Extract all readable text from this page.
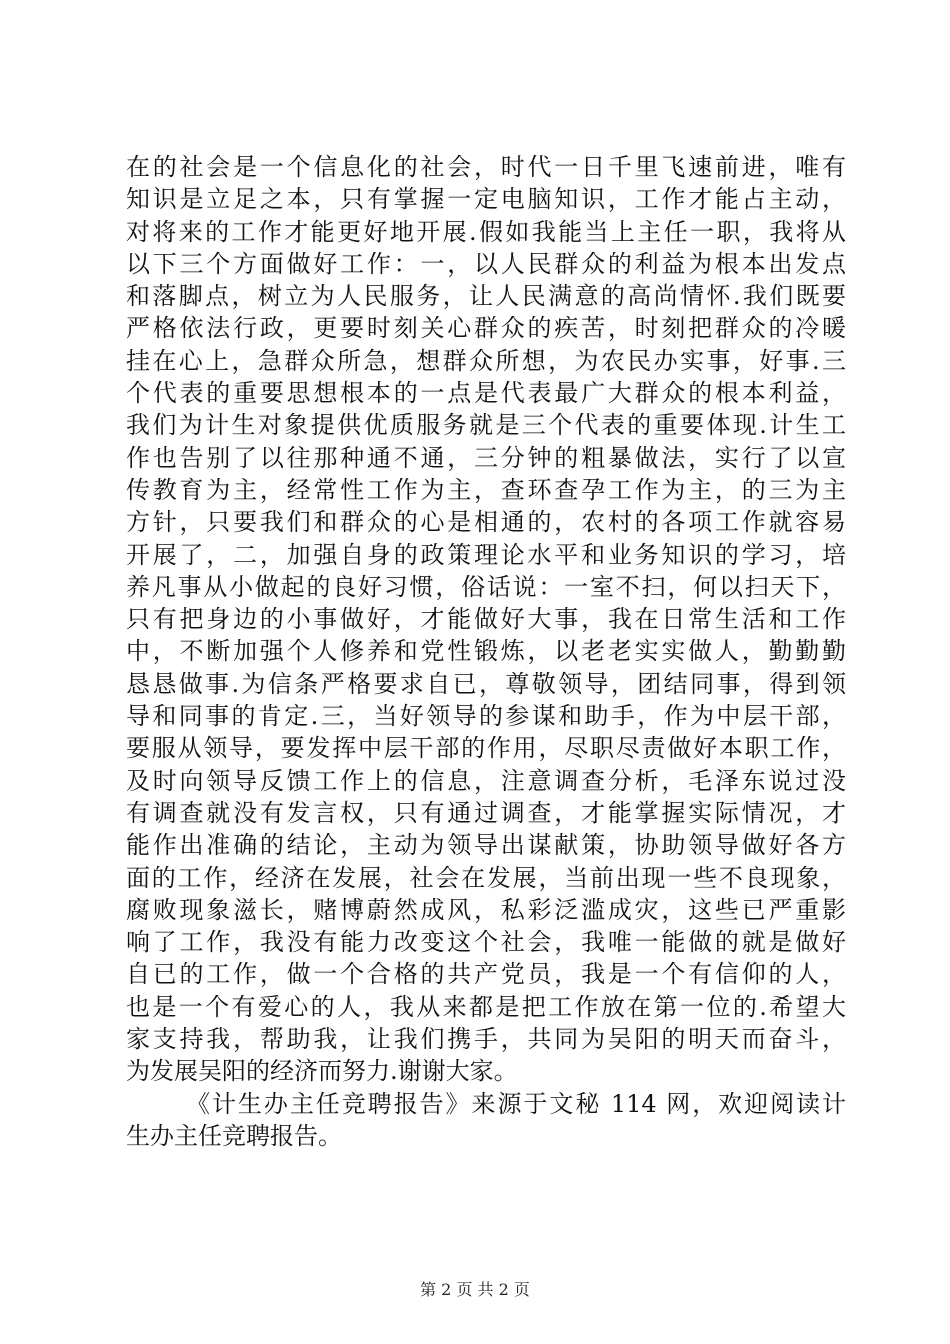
在的社会是一个信息化的社会，时代一日千里飞速前进，唯有
知识是立足之本，只有掌握一定电脑知识，工作才能占主动，
对将来的工作才能更好地开展.假如我能当上主任一职，我将从
以下三个方面做好工作：一，以人民群众的利益为根本出发点
和落脚点，树立为人民服务，让人民满意的高尚情怀.我们既要
严格依法行政，更要时刻关心群众的疾苦，时刻把群众的冷暖
挂在心上，急群众所急，想群众所想，为农民办实事，好事.三
个代表的重要思想根本的一点是代表最广大群众的根本利益，
我们为计生对象提供优质服务就是三个代表的重要体现.计生工
作也告别了以往那种通不通，三分钟的粗暴做法，实行了以宣
传教育为主，经常性工作为主，查环查孕工作为主，的三为主
方针，只要我们和群众的心是相通的，农村的各项工作就容易
开展了，二，加强自身的政策理论水平和业务知识的学习，培
养凡事从小做起的良好习惯，俗话说：一室不扫，何以扫天下，
只有把身边的小事做好，才能做好大事，我在日常生活和工作
中，不断加强个人修养和党性锻炼，以老老实实做人，勤勤勤
恳恳做事.为信条严格要求自已，尊敬领导，团结同事，得到领
导和同事的肯定.三，当好领导的参谋和助手，作为中层干部，
要服从领导，要发挥中层干部的作用，尽职尽责做好本职工作，
及时向领导反馈工作上的信息，注意调查分析，毛泽东说过没
有调查就没有发言权，只有通过调查，才能掌握实际情况，才
能作出准确的结论，主动为领导出谋献策，协助领导做好各方
面的工作，经济在发展，社会在发展，当前出现一些不良现象，
腐败现象滋长，赌博蔚然成风，私彩泛滥成灾，这些已严重影
响了工作，我没有能力改变这个社会，我唯一能做的就是做好
自已的工作，做一个合格的共产党员，我是一个有信仰的人，
也是一个有爱心的人，我从来都是把工作放在第一位的.希望大
家支持我，帮助我，让我们携手，共同为吴阳的明天而奋斗，
为发展吴阳的经济而努力.谢谢大家。
《计生办主任竞聘报告》来源于文秘 114 网，欢迎阅读计
生办主任竞聘报告。
第 2 页 共 2 页
